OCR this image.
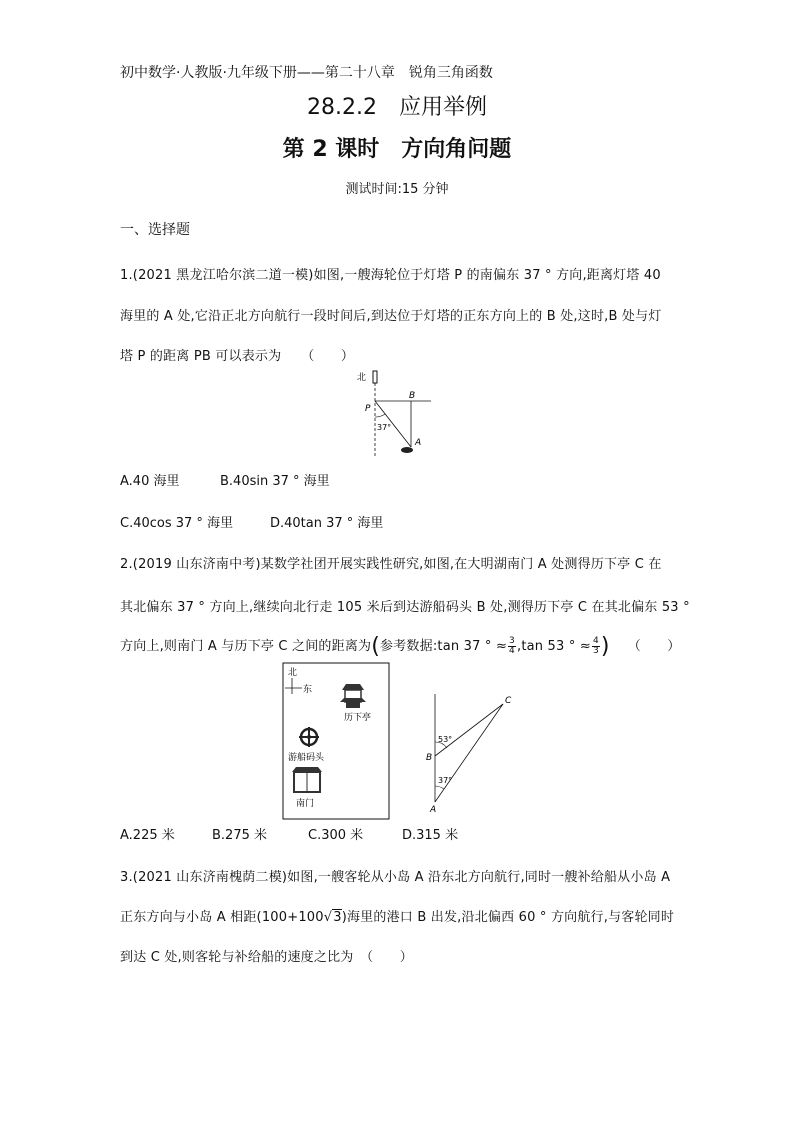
初中数学·人教版·九年级下册——第二十八章　锐角三角函数
28.2.2　应用举例
第 2 课时　方向角问题
测试时间:15 分钟
一、选择题
1.(2021 黑龙江哈尔滨二道一模)如图,一艘海轮位于灯塔 P 的南偏东 37 ° 方向,距离灯塔 40
海里的 A 处,它沿正北方向航行一段时间后,到达位于灯塔的正东方向上的 B 处,这时,B 处与灯
塔 P 的距离 PB 可以表示为　　（　　）
北
P
B
A
37°
A.40 海里	B.40sin 37 ° 海里
C.40cos 37 ° 海里	D.40tan 37 ° 海里
2.(2019 山东济南中考)某数学社团开展实践性研究,如图,在大明湖南门 A 处测得历下亭 C 在
其北偏东 37 ° 方向上,继续向北行走 105 米后到达游船码头 B 处,测得历下亭 C 在其北偏东 53 °
方向上,则南门 A 与历下亭 C 之间的距离为(参考数据:tan 37 ° ≈ $\frac{3}{4} ,\tan$ 53 ° ≈ $\frac{4}{3}$ ) （　　）
北
东
历下亭
游船码头
南门
C
B
A
53°
37°
A.225 米	B.275 米	C.300 米	D.315 米
3.(2021 山东济南槐荫二模)如图,一艘客轮从小岛 A 沿东北方向航行,同时一艘补给船从小岛 A
正东方向与小岛 A 相距(100+100√3)海里的港口 B 出发,沿北偏西 60 ° 方向航行,与客轮同时
到达 C 处,则客轮与补给船的速度之比为　（　　）
